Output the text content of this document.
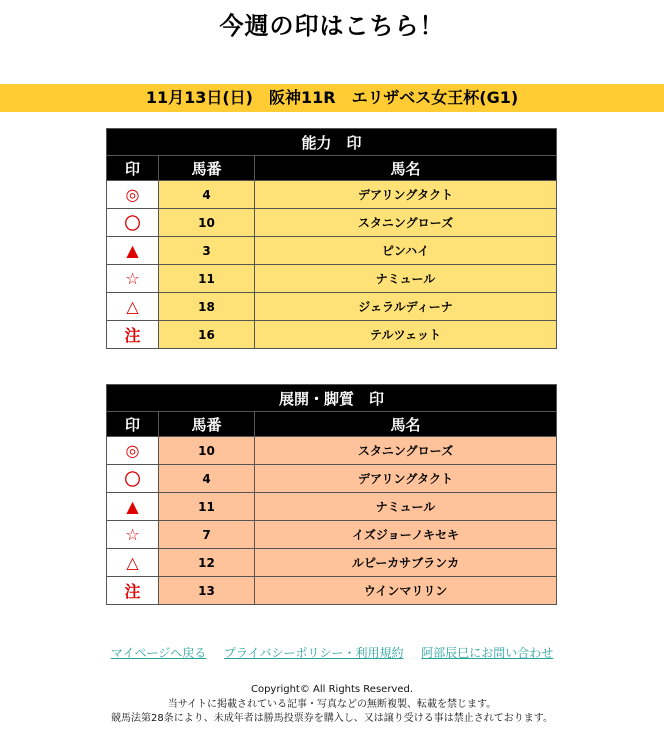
今週の印はこちら！
11月13日(日)　阪神11R　エリザベス女王杯(G1)
能力　印		
印	馬番	馬名
◎	4	デアリングタクト
〇	10	スタニングローズ
▲	3	ピンハイ
☆	11	ナミュール
△	18	ジェラルディーナ
注	16	テルツェット
展開・脚質　印		
印	馬番	馬名
◎	10	スタニングローズ
〇	4	デアリングタクト
▲	11	ナミュール
☆	7	イズジョーノキセキ
△	12	ルピーカサブランカ
注	13	ウインマリリン
マイページへ戻る プライバシーポリシー・利用規約 阿部辰巳にお問い合わせ
Copyright© All Rights Reserved.
当サイトに掲載されている記事・写真などの無断複製、転載を禁じます。
競馬法第28条により、未成年者は勝馬投票券を購入し、又は譲り受ける事は禁止されております。
